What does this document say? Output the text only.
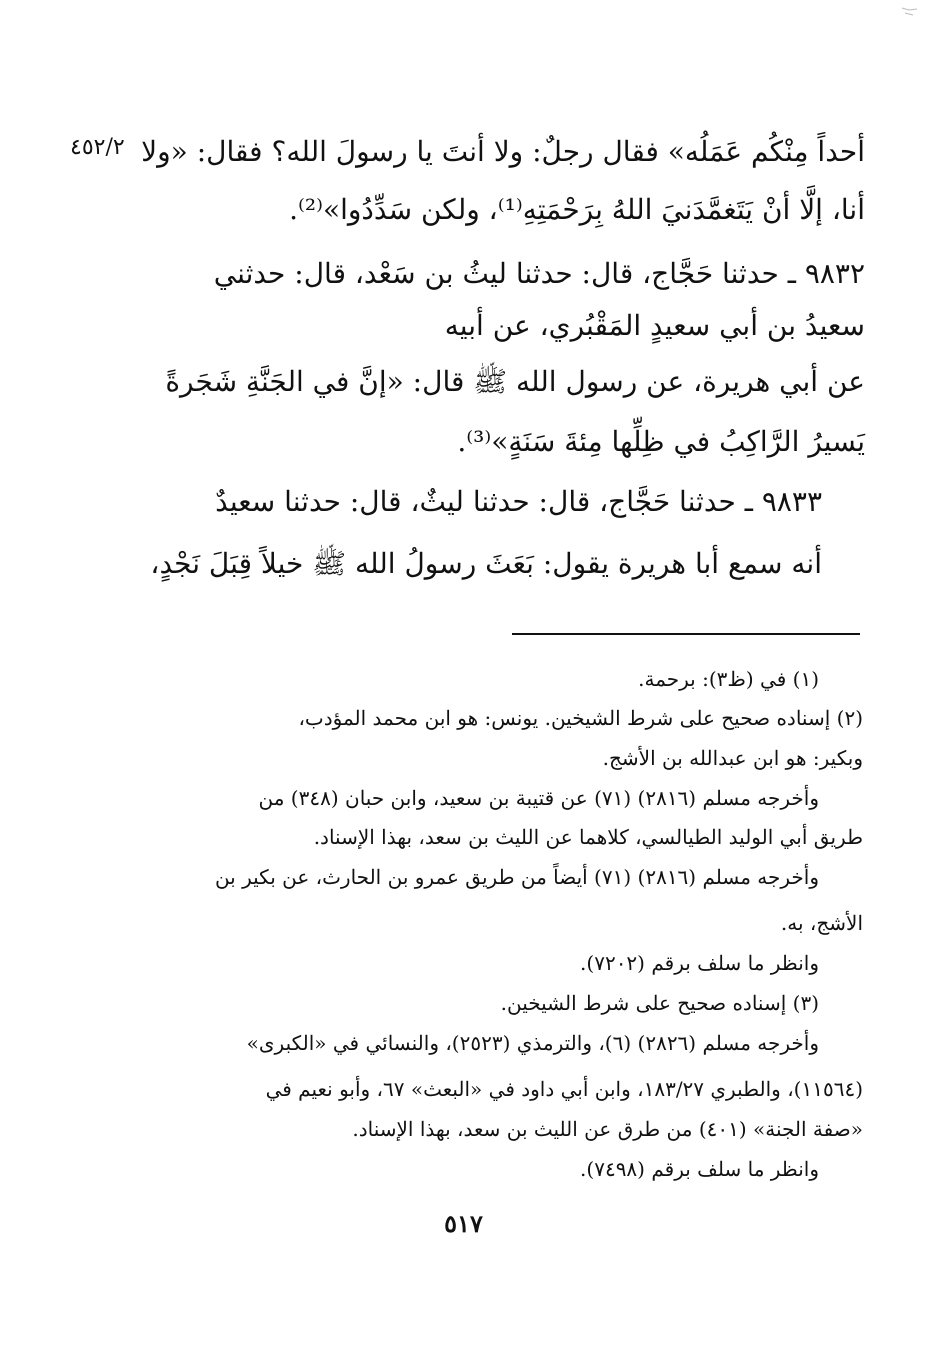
٤٥٢/٢ أحداً مِنْكُم عَمَلُه» فقال رجلٌ: ولا أنتَ يا رسولَ الله؟ فقال: «ولا

أنا، إلَّا أنْ يَتَغمَّدَنيَ اللهُ بِرَحْمَتِهِ⁽¹⁾، ولكن سَدِّدُوا»⁽²⁾.

٩٨٣٢ ـ حدثنا حَجَّاج، قال: حدثنا ليثُ بن سَعْد، قال: حدثني

سعيدُ بن أبي سعيدٍ المَقْبُري، عن أبيه

عن أبي هريرة، عن رسول الله ﷺ قال: «إنَّ في الجَنَّةِ شَجَرةً

يَسيرُ الرَّاكِبُ في ظِلِّها مِئةَ سَنَةٍ»⁽³⁾.

٩٨٣٣ ـ حدثنا حَجَّاج، قال: حدثنا ليثٌ، قال: حدثنا سعيدٌ

أنه سمع أبا هريرة يقول: بَعَثَ رسولُ الله ﷺ خيلاً قِبَلَ نَجْدٍ،

(١) في (ظ٣): برحمة.

(٢) إسناده صحيح على شرط الشيخين. يونس: هو ابن محمد المؤدب،

وبكير: هو ابن عبدالله بن الأشج.

وأخرجه مسلم (٢٨١٦) (٧١) عن قتيبة بن سعيد، وابن حبان (٣٤٨) من

طريق أبي الوليد الطيالسي، كلاهما عن الليث بن سعد، بهذا الإسناد.

وأخرجه مسلم (٢٨١٦) (٧١) أيضاً من طريق عمرو بن الحارث، عن بكير بن

الأشج، به.

وانظر ما سلف برقم (٧٢٠٢).

(٣) إسناده صحيح على شرط الشيخين.

وأخرجه مسلم (٢٨٢٦) (٦)، والترمذي (٢٥٢٣)، والنسائي في «الكبرى»

(١١٥٦٤)، والطبري ١٨٣/٢٧، وابن أبي داود في «البعث» ٦٧، وأبو نعيم في

«صفة الجنة» (٤٠١) من طرق عن الليث بن سعد، بهذا الإسناد.

وانظر ما سلف برقم (٧٤٩٨).

٥١٧
